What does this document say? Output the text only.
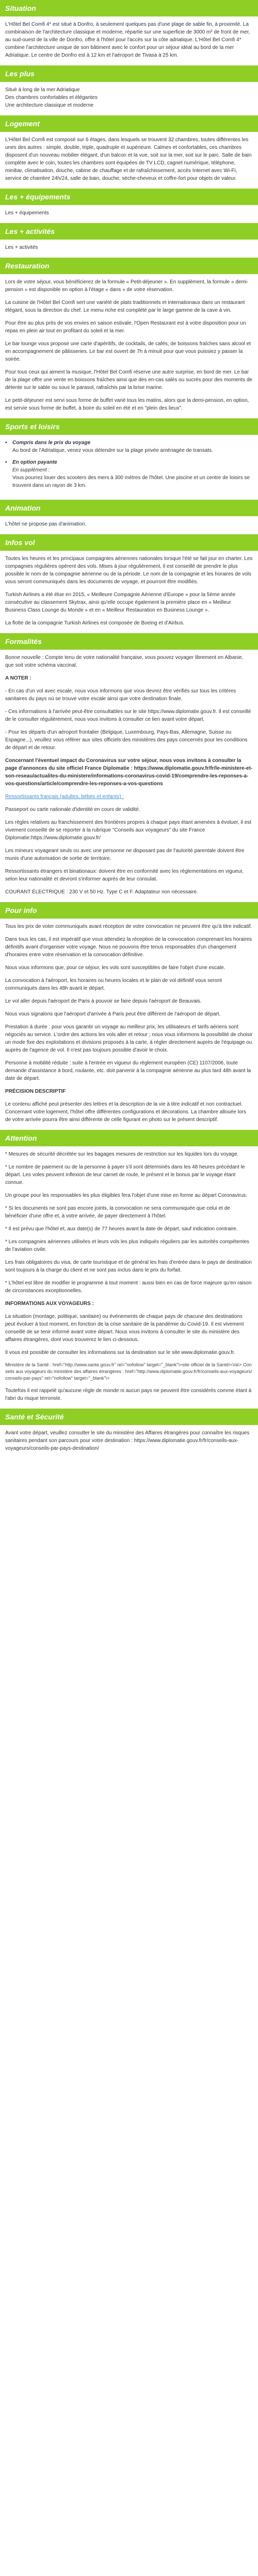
Situation

L'Hôtel Bel Comfi 4* est situé à Donfro, à seulement quelques pas d'une plage de sable fin, à proximité. La combinaison de l'architecture classique et moderne, répartie sur une superficie de 3000 m² de front de mer, au sud-ouest de la ville de Donfro, offre à l'hôtel pour l'accès sur la côte adriatique. L'Hôtel Bel Comfi 4* combine l'architecture unique de son bâtiment avec le confort pour un séjour idéal au bord de la mer Adriatique. Le centre de Donfro est à 12 km et l'aéroport de Tivasa à 25 km.

Les plus
Situé à long de la mer Adriatique
Des chambres confortables et élégantes
Une architecture classique et moderne
Logement

L'Hôtel Bel Comfi est composé sur 6 étages, dans lesquels se trouvent 32 chambres, toutes différentes les unes des autres : simple, double, triple, quadruple et supérieure. Calmes et confortables, ces chambres disposent d'un nouveau mobilier élégant, d'un balcon et la vue, soit sur la mer, soit sur le parc. Salle de bain complète avec le coin, toutes les chambres sont équipées de TV LCD, cagnet numérique, téléphone, minibar, climatisation, douche, cabine de chauffage et de rafraîchissement, accès Internet avec Wi-Fi, service de chambre 24h/24, salle de bain, douche, sèche-cheveux et coffre-fort pour objets de valeur.

Les + équipements

Les + équipements

Les + activités

Les + activités

Restauration

Lors de votre séjour, vous bénéficierez de la formule « Petit-déjeuner ». En supplément, la formule « demi-pension » est disponible en option à l'étage « dans » de votre réservation.

La cuisine de l'Hôtel Bel Comfi sert une variété de plats traditionnels et internationaux dans un restaurant élégant, sous la direction du chef. Le menu riche est complété par le large gamme de la cave à vin.

Pour être au plus près de vos envies en saison estivale, l'Open Restaurant est à votre disposition pour un repas en plein air tout en profitant du soleil et la mer.

Le bar lounge vous propose une carte d'apéritifs, de cocktails, de cafés, de boissons fraîches sans alcool et en accompagnement de pâtisseries. Le bar est ouvert de 7h à minuit pour que vous puissiez y passer la soirée.

Pour tous ceux qui aiment la musique, l'Hôtel Bel Comfi réserve une autre surprise, en bord de mer. Le bar de la plage offre une vente en boissons fraîches ainsi que des en-cas salés ou sucrés pour des moments de détente sur le sable ou sous le parasol, rafraîchis par la brise marine.

Le petit-déjeuner est servi sous forme de buffet varié tous les matins, alors que la demi-pension, en option, est servie sous forme de buffet, à boire du soleil en été et en "plein des lieux".

Sports et loisirs
•	Compris dans le prix du voyage
Au bord de l'Adriatique, venez vous détendre sur la plage privée aménagée de transats.
•	En option payante
En supplément :
Vous pourrez louer des scooters des mers à 300 mètres de l'hôtel. Une piscine et un centre de loisirs se trouvent dans un rayon de 3 km.
Animation

L'hôtel ne propose pas d'animation.

Infos vol

Toutes les heures et les principaux compagnies aériennes nationales lorsque l'été se fait jour en charter. Les compagnies régulières opèrent des vols. Mises à jour régulièrement, il est conseillé de prendre le plus possible le nom de la compagnie aérienne ou de la période. Le nom de la compagnie et les horaires de vols vous seront communiqués dans les documents de voyage, et pourront être modifiés.

Turkish Airlines a été élue en 2015, « Meilleure Compagnie Aérienne d'Europe » pour la 5ème année consécutive au classement Skytrax, ainsi qu'elle occupe également la première place en « Meilleur Business Class Lounge du Monde » et en « Meilleur Restauration en Business Lounge ».

La flotte de la compagnie Turkish Airlines est composée de Boeing et d'Airbus.

Formalités

Bonne nouvelle : Compte tenu de votre nationalité française, vous pouvez voyager librement en Albanie, que soit votre schéma vaccinal.

A NOTER :

- En cas d'un vol avec escale, nous vous informons que vous devrez être vérifiés sur tous les critères sanitaires du pays où se trouve votre escale ainsi que votre destination finale.

- Ces informations à l'arrivée peut-être consultables sur le site https://www.diplomatie.gouv.fr. Il est conseillé de le consulter régulièrement, nous vous invitons à consulter ce lien avant votre départ.

- Pour les départs d'un aéroport frontalier (Belgique, Luxembourg, Pays-Bas, Allemagne, Suisse ou Espagne...), veuillez vous référer aux sites officiels des ministères des pays concernés pour les conditions de départ et de retour.

Concernant l'éventuel impact du Coronavirus sur votre séjour, nous vous invitons à consulter la page d'annonces du site officiel France Diplomatie : https://www.diplomatie.gouv.fr/fr/le-ministere-et-son-reseau/actualites-du-ministere/informations-coronavirus-covid-19/comprendre-les-reponses-a-vos-questions/article/comprendre-les-reponses-a-vos-questions

Ressortissants français (adultes, bébés et enfants) :

Passeport ou carte nationale d'identité en cours de validité.

Les règles relatives au franchissement des frontières propres à chaque pays étant amenées à évoluer, il est vivement conseillé de se reporter à la rubrique "Conseils aux voyageurs" du site France Diplomatie:https://www.diplomatie.gouv.fr/

Les mineurs voyageant seuls ou avec une personne ne disposant pas de l'autorité parentale doivent être munis d'une autorisation de sortie de territoire.

Ressortissants étrangers et binationaux: doivent être en conformité avec les réglementations en vigueur, selon leur nationalité et devront s'informer auprès de leur consulat.

COURANT ÉLECTRIQUE : 230 V et 50 Hz. Type C et F. Adaptateur non nécessaire.

Pour info

Tous les prix de voter communiqués avant réception de votre convocation ne peuvent être qu'à titre indicatif.

Dans tous les cas, il est impératif que vous attendiez la réception de la convocation comprenant les horaires définitifs avant d'organiser votre voyage. Nous ne pouvons être tenus responsables d'un changement d'horaires entre votre réservation et la convocation définitive.

Nous vous informons que, pour ce séjour, les vols sont susceptibles de faire l'objet d'une escale.

La convocation à l'aéroport, les horaires ou heures locales et le plan de vol définitif vous seront communiqués dans les 48h avant le départ.

Le vol aller depuis l'aéroport de Paris à pouvoir se faire depuis l'aéroport de Beauvais.

Nous vous signalons que l'aéroport d'arrivée à Paris peut être différent de l'aéroport de départ.

Prestation à durée : pour vous garantir un voyage au meilleur prix, les utilisateurs et tarifs aériens sont négociés au service. L'ordre des actions les vols aller et retour ; nous vous informons la possibilité de choisir un mode fixe des exploitations et divisions proposés à la carte, à régler directement auprès de l'équipage ou auprès de l'agence de vol. Il n'est pas toujours possible d'avoir le choix.

Personne à mobilité réduite : suite à l'entrée en vigueur du règlement européen (CE) 1107/2006, toute demande d'assistance à bord, roulante, etc. doit parvenir à la compagnie aérienne au plus tard 48h avant la date de départ.

PRÉCISION DESCRIPTIF

Le contenu affiché peut présenter des lettres et la description de la vie à titre indicatif et non contractuel. Concernant votre logement, l'hôtel offre différentes configurations et décorations. La chambre allouée lors de votre arrivée pourra être ainsi différente de celle figurant en photo sur le présent descriptif.

Attention

* Mesures de sécurité décrétée sur les bagages mesures de restriction sur les liquides lors du voyage.

* Le nombre de paiement ou de la personne à payer s'il sont déterminés dans les 48 heures précédant le départ. Les voles peuvent inflexion de leur carnet de route, le présent et le bonus par le voyage étant connue.

Un groupe pour les responsables les plus éligibles fera l'objet d'une mise en forme au départ Coronavirus.

* Si les documents ne sont pas encore joints, la convocation ne sera communiquée que celui et de bénéficier d'une offre et, à votre arrivée, de payer directement à l'hôtel.

* Il est prévu que l'hôtel et, aux date(s) de 77 heures avant la date de départ, sauf indication contraire.

* Les compagnies aériennes utilisées et leurs vols les plus indiqués réguliers par les autorités compétentes de l'aviation civile.

Les frais obligatoires du visa, de carte touristique et de général les frais d'entrée dans le pays de destination sont toujours à la charge du client et ne sont pas inclus dans le prix du forfait.

* L'hôtel est libre de modifier le programme à tout moment : aussi bien en cas de force majeure qu'en raison de circonstances exceptionnelles.

INFORMATIONS AUX VOYAGEURS :

La situation (montage, politique, sanitaire) ou événements de chaque pays de chacune des destinations peut évoluer à tout moment, en fonction de la crise sanitaire de la pandémie du Covid-19. Il est vivement conseillé de se tenir informé avant votre départ. Nous vous invitons à consulter le site du ministère des affaires étrangères, dont vous trouverez le lien ci-dessous.

Il vous est possible de consulter les informations sur la destination sur le site www.diplomatie.gouv.fr.

Ministère de la Santé : href="http://www.sante.gouv.fr" rel="nofollow" target="_blank"\>site officiel de la Santé\<\/a\> Conseils aux voyageurs du ministère des affaires étrangères : href="http://www.diplomatie.gouv.fr/fr/conseils-aux-voyageurs/conseils-par-pays" rel="nofollow" target="_blank"\>

Toutefois il est rappelé qu'aucune règle de monde ni aucun pays ne peuvent être considérés comme étant à l'abri du risque terroriste.

Santé et Sécurité

Avant votre départ, veuillez consulter le site du ministère des Affaires étrangères pour connaître les risques sanitaires pendant son parcours pour votre destination : https://www.diplomatie.gouv.fr/fr/conseils-aux-voyageurs/conseils-par-pays-destination/
